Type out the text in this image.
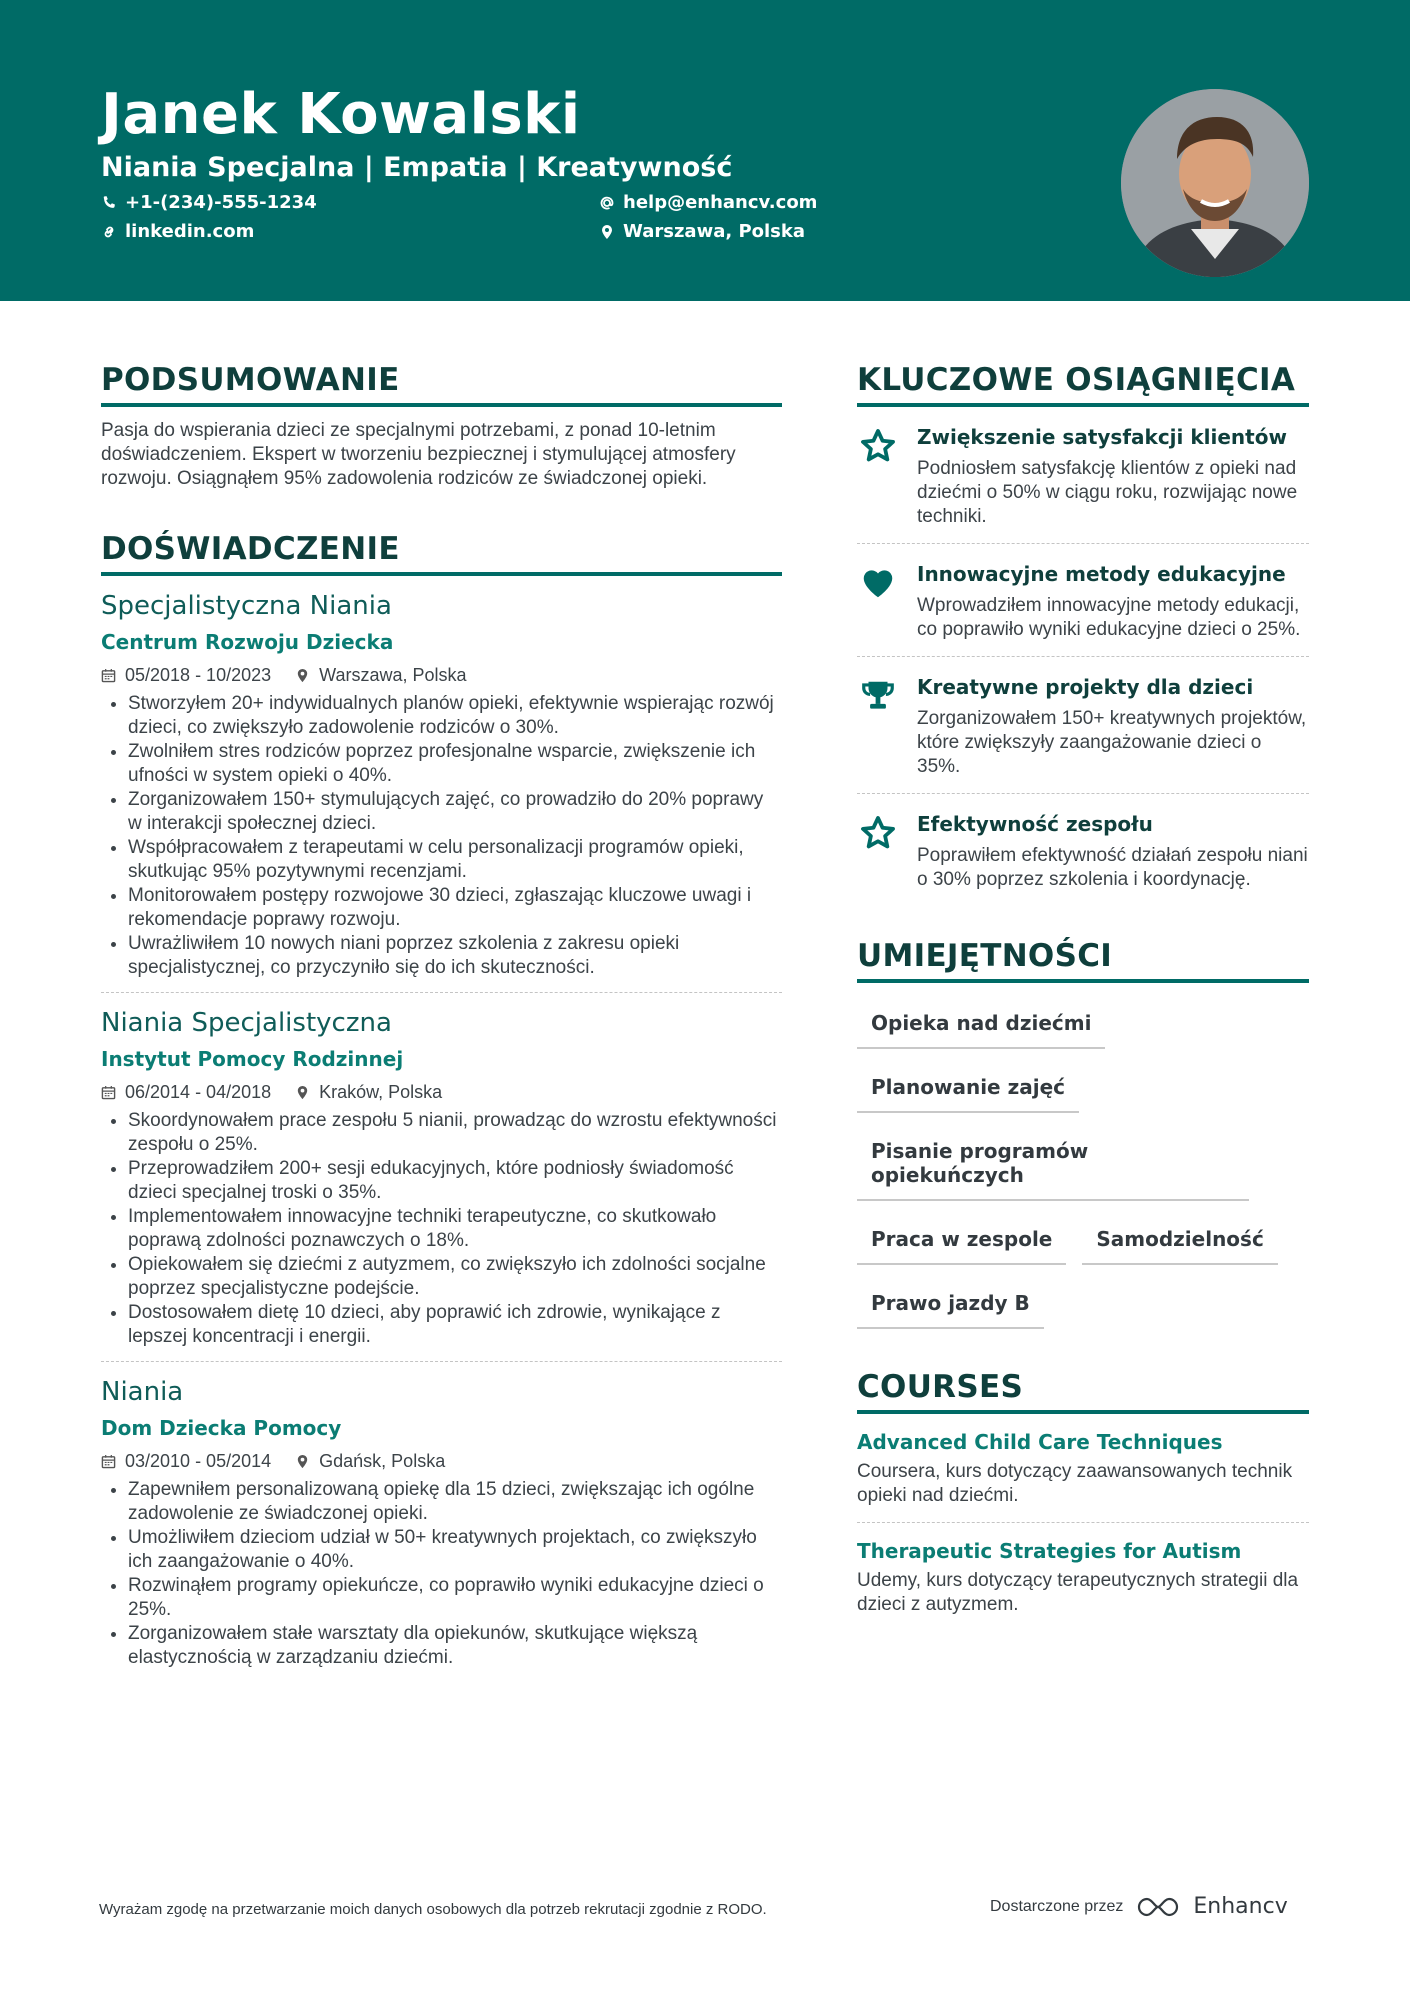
Janek Kowalski
Niania Specjalna | Empatia | Kreatywność
+1-(234)-555-1234	help@enhancv.com
linkedin.com	Warszawa, Polska
PODSUMOWANIE
Pasja do wspierania dzieci ze specjalnymi potrzebami, z ponad 10-letnim doświadczeniem. Ekspert w tworzeniu bezpiecznej i stymulującej atmosfery rozwoju. Osiągnąłem 95% zadowolenia rodziców ze świadczonej opieki.
DOŚWIADCZENIE
Specjalistyczna Niania
Centrum Rozwoju Dziecka
05/2018 - 10/2023	Warszawa, Polska
• Stworzyłem 20+ indywidualnych planów opieki, efektywnie wspierając rozwój dzieci, co zwiększyło zadowolenie rodziców o 30%.
• Zwolniłem stres rodziców poprzez profesjonalne wsparcie, zwiększenie ich ufności w system opieki o 40%.
• Zorganizowałem 150+ stymulujących zajęć, co prowadziło do 20% poprawy w interakcji społecznej dzieci.
• Współpracowałem z terapeutami w celu personalizacji programów opieki, skutkując 95% pozytywnymi recenzjami.
• Monitorowałem postępy rozwojowe 30 dzieci, zgłaszając kluczowe uwagi i rekomendacje poprawy rozwoju.
• Uwrażliwiłem 10 nowych niani poprzez szkolenia z zakresu opieki specjalistycznej, co przyczyniło się do ich skuteczności.
Niania Specjalistyczna
Instytut Pomocy Rodzinnej
06/2014 - 04/2018	Kraków, Polska
• Skoordynowałem prace zespołu 5 nianii, prowadząc do wzrostu efektywności zespołu o 25%.
• Przeprowadziłem 200+ sesji edukacyjnych, które podniosły świadomość dzieci specjalnej troski o 35%.
• Implementowałem innowacyjne techniki terapeutyczne, co skutkowało poprawą zdolności poznawczych o 18%.
• Opiekowałem się dziećmi z autyzmem, co zwiększyło ich zdolności socjalne poprzez specjalistyczne podejście.
• Dostosowałem dietę 10 dzieci, aby poprawić ich zdrowie, wynikające z lepszej koncentracji i energii.
Niania
Dom Dziecka Pomocy
03/2010 - 05/2014	Gdańsk, Polska
• Zapewniłem personalizowaną opiekę dla 15 dzieci, zwiększając ich ogólne zadowolenie ze świadczonej opieki.
• Umożliwiłem dzieciom udział w 50+ kreatywnych projektach, co zwiększyło ich zaangażowanie o 40%.
• Rozwinąłem programy opiekuńcze, co poprawiło wyniki edukacyjne dzieci o 25%.
• Zorganizowałem stałe warsztaty dla opiekunów, skutkujące większą elastycznością w zarządzaniu dziećmi.
KLUCZOWE OSIĄGNIĘCIA
Zwiększenie satysfakcji klientów
Podniosłem satysfakcję klientów z opieki nad dziećmi o 50% w ciągu roku, rozwijając nowe techniki.
Innowacyjne metody edukacyjne
Wprowadziłem innowacyjne metody edukacji, co poprawiło wyniki edukacyjne dzieci o 25%.
Kreatywne projekty dla dzieci
Zorganizowałem 150+ kreatywnych projektów, które zwiększyły zaangażowanie dzieci o 35%.
Efektywność zespołu
Poprawiłem efektywność działań zespołu niani o 30% poprzez szkolenia i koordynację.
UMIEJĘTNOŚCI
Opieka nad dziećmi
Planowanie zajęć
Pisanie programów opiekuńczych
Praca w zespole	Samodzielność
Prawo jazdy B
COURSES
Advanced Child Care Techniques
Coursera, kurs dotyczący zaawansowanych technik opieki nad dziećmi.
Therapeutic Strategies for Autism
Udemy, kurs dotyczący terapeutycznych strategii dla dzieci z autyzmem.
Wyrażam zgodę na przetwarzanie moich danych osobowych dla potrzeb rekrutacji zgodnie z RODO.	Dostarczone przez	Enhancv
